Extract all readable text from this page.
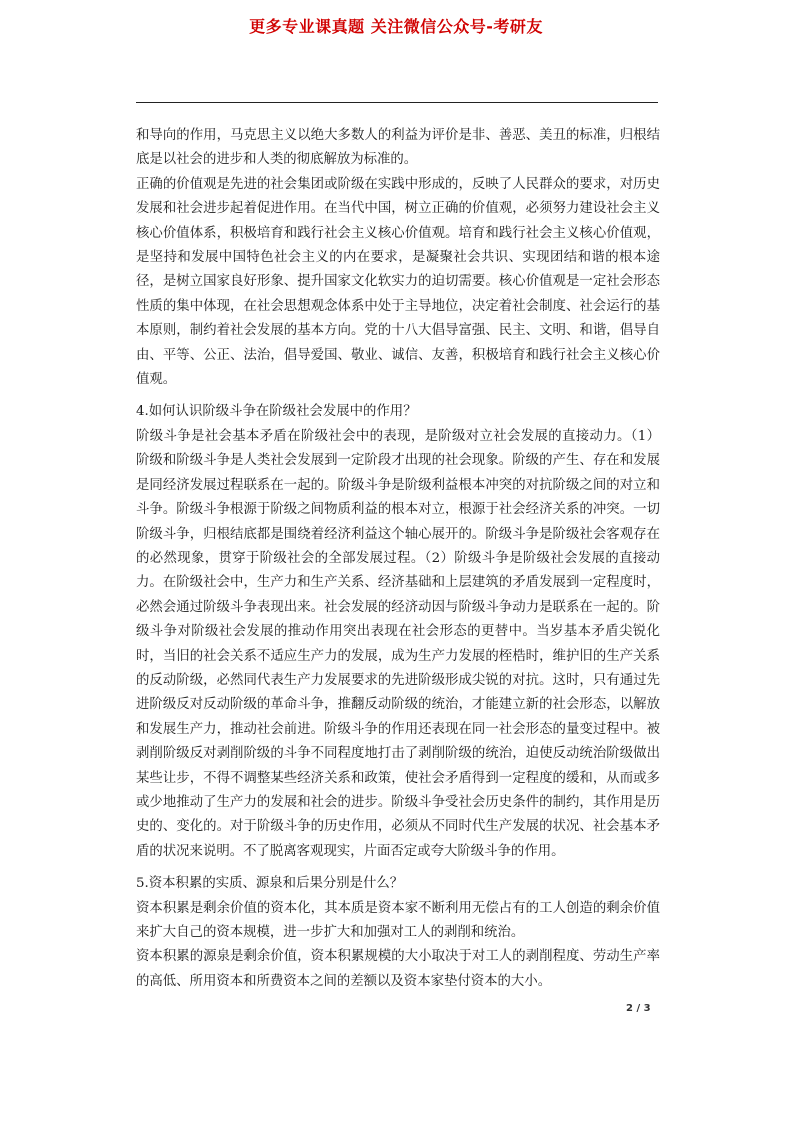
更多专业课真题 关注微信公众号-考研友

和导向的作用，马克思主义以绝大多数人的利益为评价是非、善恶、美丑的标准，归根结底是以社会的进步和人类的彻底解放为标准的。

正确的价值观是先进的社会集团或阶级在实践中形成的，反映了人民群众的要求，对历史发展和社会进步起着促进作用。在当代中国，树立正确的价值观，必须努力建设社会主义核心价值体系，积极培育和践行社会主义核心价值观。培育和践行社会主义核心价值观，是坚持和发展中国特色社会主义的内在要求，是凝聚社会共识、实现团结和谐的根本途径，是树立国家良好形象、提升国家文化软实力的迫切需要。核心价值观是一定社会形态性质的集中体现，在社会思想观念体系中处于主导地位，决定着社会制度、社会运行的基本原则，制约着社会发展的基本方向。党的十八大倡导富强、民主、文明、和谐，倡导自由、平等、公正、法治，倡导爱国、敬业、诚信、友善，积极培育和践行社会主义核心价值观。

4.如何认识阶级斗争在阶级社会发展中的作用？

阶级斗争是社会基本矛盾在阶级社会中的表现，是阶级对立社会发展的直接动力。（1）阶级和阶级斗争是人类社会发展到一定阶段才出现的社会现象。阶级的产生、存在和发展是同经济发展过程联系在一起的。阶级斗争是阶级利益根本冲突的对抗阶级之间的对立和斗争。阶级斗争根源于阶级之间物质利益的根本对立，根源于社会经济关系的冲突。一切阶级斗争，归根结底都是围绕着经济利益这个轴心展开的。阶级斗争是阶级社会客观存在的必然现象，贯穿于阶级社会的全部发展过程。（2）阶级斗争是阶级社会发展的直接动力。在阶级社会中，生产力和生产关系、经济基础和上层建筑的矛盾发展到一定程度时，必然会通过阶级斗争表现出来。社会发展的经济动因与阶级斗争动力是联系在一起的。阶级斗争对阶级社会发展的推动作用突出表现在社会形态的更替中。当岁基本矛盾尖锐化时，当旧的社会关系不适应生产力的发展，成为生产力发展的桎梏时，维护旧的生产关系的反动阶级，必然同代表生产力发展要求的先进阶级形成尖锐的对抗。这时，只有通过先进阶级反对反动阶级的革命斗争，推翻反动阶级的统治，才能建立新的社会形态，以解放和发展生产力，推动社会前进。阶级斗争的作用还表现在同一社会形态的量变过程中。被剥削阶级反对剥削阶级的斗争不同程度地打击了剥削阶级的统治，迫使反动统治阶级做出某些让步，不得不调整某些经济关系和政策，使社会矛盾得到一定程度的缓和，从而或多或少地推动了生产力的发展和社会的进步。阶级斗争受社会历史条件的制约，其作用是历史的、变化的。对于阶级斗争的历史作用，必须从不同时代生产发展的状况、社会基本矛盾的状况来说明。不了脱离客观现实，片面否定或夸大阶级斗争的作用。

5.资本积累的实质、源泉和后果分别是什么？

资本积累是剩余价值的资本化，其本质是资本家不断利用无偿占有的工人创造的剩余价值来扩大自己的资本规模，进一步扩大和加强对工人的剥削和统治。

资本积累的源泉是剩余价值，资本积累规模的大小取决于对工人的剥削程度、劳动生产率的高低、所用资本和所费资本之间的差额以及资本家垫付资本的大小。

2 / 3
